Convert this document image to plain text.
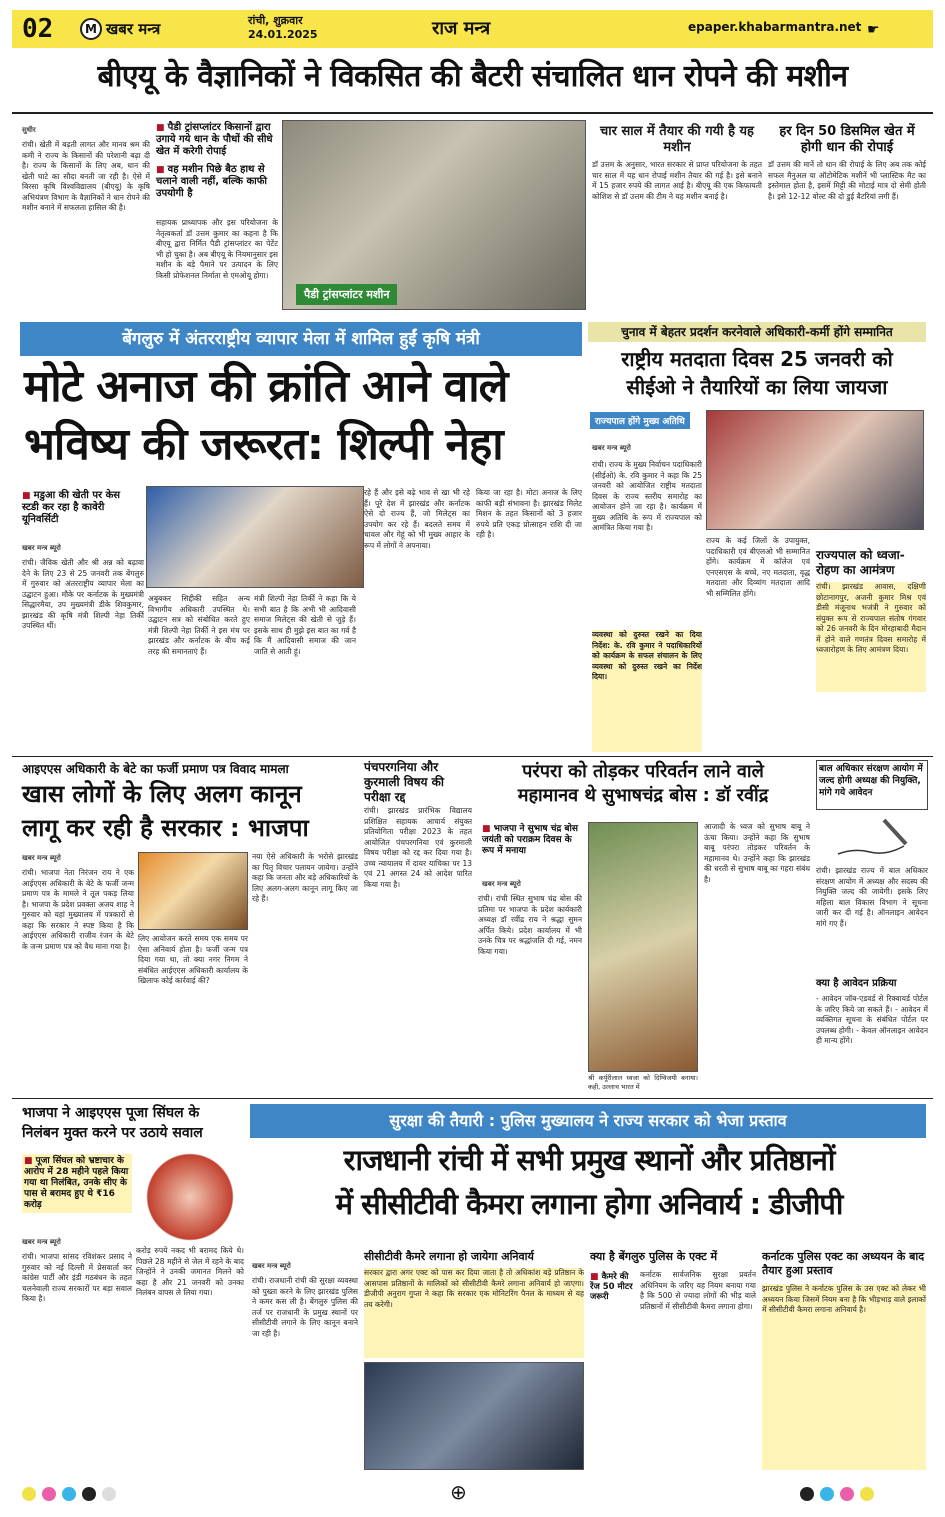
02	M खबर मन्त्र	रांची, शुक्रवार
24.01.2025	राज मन्त्र	epaper.khabarmantra.net ☛
बीएयू के वैज्ञानिकों ने विकसित की बैटरी संचालित धान रोपने की मशीन
सुधीर
रांची। खेती में बढ़ती लागत और मानव श्रम की कमी ने राज्य के किसानों की परेशानी बढ़ा दी है। राज्य के किसानों के लिए अब, धान की खेती घाटे का सौदा बनती जा रही है। ऐसे में बिरसा कृषि विश्वविद्यालय (बीएयू) के कृषि अभियंत्रण विभाग के वैज्ञानिकों ने धान रोपने की मशीन बनाने में सफलता हासिल की है।
■ पैडी ट्रांसप्लांटर किसानों द्वारा उगाये गये धान के पौधों की सीधे खेत में करेगी रोपाई
■ वह मशीन पिछे बैठ हाथ से चलाने वाली नहीं, बल्कि काफी उपयोगी है
सहायक प्राध्यापक और इस परियोजना के नेतृत्वकर्ता डॉ उत्तम कुमार का कहना है कि बीएयू द्वारा निर्मित पैडी ट्रांसप्लांटर का पेटेंट भी हो चुका है। अब बीएयू के नियमानुसार इस मशीन के बड़े पैमाने पर उत्पादन के लिए किसी प्रोफेशनल निर्माता से एमओयू होगा।
पैडी ट्रांसप्लांटर मशीन
चार साल में तैयार की गयी है यह मशीन
डॉ उत्तम के अनुसार, भारत सरकार से प्राप्त परियोजना के तहत चार साल में यह धान रोपाई मशीन तैयार की गई है। इसे बनाने में 15 हजार रुपये की लागत आई है। बीएयू की एक किफायती कोशिश से डॉ उत्तम की टीम ने यह मशीन बनाई है।
हर दिन 50 डिसमिल खेत में होगी धान की रोपाई
डॉ उत्तम की मानें तो धान की रोपाई के लिए अब तक कोई सफल मैनुअल या ऑटोमेटिक मशीनें भी प्लास्टिक मैट का इस्तेमाल होता है, इसमें मिट्टी की मोटाई मात्र दो सेमी होती है। इसे 12-12 वोल्ट की दो डुई बैटरियां लगी हैं।
बेंगलुरु में अंतरराष्ट्रीय व्यापार मेला में शामिल हुईं कृषि मंत्री
मोटे अनाज की क्रांति आने वाले
भविष्य की जरूरत: शिल्पी नेहा
■ मडुआ की खेती पर केस स्टडी कर रहा है कावेरी यूनिवर्सिटी
खबर मन्त्र ब्यूरो
रांची। जैविक खेती और श्री अन्न को बढ़ावा देने के लिए 23 से 25 जनवरी तक बेंगलुरु में गुरुवार को अंतरराष्ट्रीय व्यापार मेला का उद्घाटन हुआ। मौके पर कर्नाटक के मुख्यमंत्री सिद्धारमैया, उप मुख्यमंत्री डीके शिवकुमार, झारखंड की कृषि मंत्री शिल्पी नेहा तिर्की उपस्थित थीं।
अबुबकर सिद्दीकी सहित अन्य विभागीय अधिकारी उपस्थित थे। उद्घाटन सत्र को संबोधित करते हुए मंत्री शिल्पी नेहा तिर्की ने इस मंच पर झारखंड और कर्नाटक के बीच कई तरह की समानताएं हैं।
मंत्री शिल्पी नेहा तिर्की ने कहा कि ये सभी बात है कि अभी भी आदिवासी समाज मिलेट्स की खेती से जुड़े हैं। इसके साथ ही मुझे इस बात का गर्व है कि मैं आदिवासी समाज की जान जाति से आती हूं।
रहे हैं और इसे बढ़े भाव से खा भी रहे हैं। पूरे देश में झारखंड और कर्नाटक ऐसे दो राज्य हैं, जो मिलेट्स का उपयोग कर रहे हैं। बदलते समय में चावल और गेहूं को भी मुख्य आहार के रूप में लोगों ने अपनाया।
किया जा रहा है। मोटा अनाज के लिए काफी बड़ी संभावना है। झारखंड मिलेट मिशन के तहत किसानों को 3 हजार रुपये प्रति एकड़ प्रोत्साहन राशि दी जा रही है।
चुनाव में बेहतर प्रदर्शन करनेवाले अधिकारी-कर्मी होंगे सम्मानित
राष्ट्रीय मतदाता दिवस 25 जनवरी को
सीईओ ने तैयारियों का लिया जायजा
राज्यपाल होंगे मुख्य अतिथि
खबर मन्त्र ब्यूरो
रांची। राज्य के मुख्य निर्वाचन पदाधिकारी (सीईओ) के. रवि कुमार ने कहा कि 25 जनवरी को आयोजित राष्ट्रीय मतदाता दिवस के राज्य स्तरीय समारोह का आयोजन होने जा रहा है। कार्यक्रम में मुख्य अतिथि के रूप में राज्यपाल को आमंत्रित किया गया है।
राज्य के कई जिलों के उपायुक्त, पदाधिकारी एवं बीएलओ भी सम्मानित होंगे। कार्यक्रम में कॉलेज एवं एनएसएस के बच्चे, नए मतदाता, वृद्ध मतदाता और दिव्यांग मतदाता आदि भी सम्मिलित होंगे।
व्यवस्था को दुरुस्त रखने का दिया निर्देश: के. रवि कुमार ने पदाधिकारियों को कार्यक्रम के सफल संचालन के लिए व्यवस्था को दुरुस्त रखने का निर्देश दिया।
राज्यपाल को ध्वजा-रोहण का आमंत्रण
रांची। झारखंड आवास, दक्षिणी छोटानागपुर, अजनी कुमार मिश्र एवं डीसी मंजूनाथ भजंत्री ने गुरुवार को संयुक्त रूप से राज्यपाल संतोष गंगवार को 26 जनवरी के दिन मोरहाबादी मैदान में होने वाले गणतंत्र दिवस समारोह में ध्वजारोहण के लिए आमंत्रण दिया।
आइएएस अधिकारी के बेटे का फर्जी प्रमाण पत्र विवाद मामला
खास लोगों के लिए अलग कानून
लागू कर रही है सरकार : भाजपा
खबर मन्त्र ब्यूरो
रांची। भाजपा नेता निरंजन राय ने एक आईएएस अधिकारी के बेटे के फर्जी जन्म प्रमाण पत्र के मामले ने तूल पकड़ लिया है। भाजपा के प्रदेश प्रवक्ता अजय शाह ने गुरुवार को यहां मुख्यालय में पत्रकारों से कहा कि सरकार ने स्पष्ट किया है कि आईएएस अधिकारी राजीव रंजन के बेटे के जन्म प्रमाण पत्र को वैध माना गया है।
लिए आयोजन करते समय एक समय पर ऐसा अनिवार्य होता है। फर्जी जन्म पत्र दिया गया था, तो क्या नगर निगम ने संबंधित आईएएस अधिकारी कार्यालय के खिलाफ कोई कार्रवाई की?
नया ऐसे अधिकारी के भरोसे झारखंड का पितृ विचार पलायन जायेगा। उन्होंने कहा कि जनता और बड़े अधिकारियों के लिए अलग-अलग कानून लागू किए जा रहे हैं।
पंचपरगनिया और कुरमाली विषय की परीक्षा रद्द
रांची। झारखंड प्रारंभिक विद्यालय प्रशिक्षित सहायक आचार्य संयुक्त प्रतियोगिता परीक्षा 2023 के तहत आयोजित पंचपरगनिया एवं कुरमाली विषय परीक्षा को रद्द कर दिया गया है। उच्च न्यायालय में दायर याचिका पर 13 एवं 21 अगस्त 24 को आदेश पारित किया गया है।
परंपरा को तोड़कर परिवर्तन लाने वाले
महामानव थे सुभाषचंद्र बोस : डॉ रवींद्र
■ भाजपा ने सुभाष चंद्र बोस जयंती को पराक्रम दिवस के रूप में मनाया
खबर मन्त्र ब्यूरो
रांची। रांची स्थित सुभाष चंद्र बोस की प्रतिमा पर भाजपा के प्रदेश कार्यकारी अध्यक्ष डॉ रवींद्र राय ने श्रद्धा सुमन अर्पित किये। प्रदेश कार्यालय में भी उनके चित्र पर श्रद्धांजलि दी गई, नमन किया गया।
श्री कर्पूरीलाल ध्वजा को दिग्विजयी बनाया। कही, उल्लाच भारत में
आजादी के ध्वज को सुभाष बाबू ने ऊंचा किया। उन्होंने कहा कि सुभाष बाबू परंपरा तोड़कर परिवर्तन के महामानव थे। उन्होंने कहा कि झारखंड की धरती से सुभाष बाबू का गहरा संबंध है।
बाल अधिकार संरक्षण आयोग में जल्द होगी अध्यक्ष की नियुक्ति, मांगे गये आवेदन
रांची। झारखंड राज्य में बाल अधिकार संरक्षण आयोग में अध्यक्ष और सदस्य की नियुक्ति जल्द की जायेगी। इसके लिए महिला बाल विकास विभाग ने सूचना जारी कर दी गई है। ऑनलाइन आवेदन मांगे गए हैं।
क्या है आवेदन प्रक्रिया
- आवेदन जॉब-एडवर्ड से रिक्वायर्ड पोर्टल के जरिए किये जा सकते हैं। - आवेदन में व्यक्तिगत सूचना के संबंधित पोर्टल पर उपलब्ध होगी। - केवल ऑनलाइन आवेदन ही मान्य होंगे।
भाजपा ने आइएएस पूजा सिंघल के
निलंबन मुक्त करने पर उठाये सवाल
■ पूजा सिंघल को भ्रष्टाचार के आरोप में 28 महीने पहले किया गया था निलंबित, उनके सीए के पास से बरामद हुए थे ₹16 करोड़
खबर मन्त्र ब्यूरो
रांची। भाजपा सांसद रविशंकर प्रसाद ने गुरुवार को नई दिल्ली में प्रेसवार्ता कर कांग्रेस पार्टी और इंडी गठबंधन के तहत चलनेवाली राज्य सरकारों पर बड़ा सवाल किया है।
करोड़ रुपये नकद भी बरामद किये थे। पिछले 28 महीने से जेल में रहने के बाद जिन्होंने ने उनकी जमानत मिलने को कहा है और 21 जनवरी को उनका निलंबन वापस ले लिया गया।
सुरक्षा की तैयारी : पुलिस मुख्यालय ने राज्य सरकार को भेजा प्रस्ताव
राजधानी रांची में सभी प्रमुख स्थानों और प्रतिष्ठानों
में सीसीटीवी कैमरा लगाना होगा अनिवार्य : डीजीपी
खबर मन्त्र ब्यूरो
रांची। राजधानी रांची की सुरक्षा व्यवस्था को पुख्ता करने के लिए झारखंड पुलिस ने कमर कस ली है। बेंगलुरु पुलिस की तर्ज पर राजधानी के प्रमुख स्थानों पर सीसीटीवी लगाने के लिए कानून बनाने जा रही है।
सीसीटीवी कैमरे लगाना हो जायेगा अनिवार्य
सरकार द्वारा अगर एक्ट को पास कर दिया जाता है तो अधिकांश बड़े प्रतिष्ठान के आसपास प्रतिष्ठानों के मालिकों को सीसीटीवी कैमरे लगाना अनिवार्य हो जाएगा। डीजीपी अनुराग गुप्ता ने कहा कि सरकार एक मोनिटरिंग पैनल के माध्यम से यह तय करेगी।
क्या है बेंगलुरु पुलिस के एक्ट में
■ कैमरे की रेंज 50 मीटर जरूरी
कर्नाटक सार्वजनिक सुरक्षा प्रवर्तन अधिनियम के जरिए यह नियम बनाया गया है कि 500 से ज्यादा लोगों की भीड़ वाले प्रतिष्ठानों में सीसीटीवी कैमरा लगाना होगा।
कर्नाटक पुलिस एक्ट का अध्ययन के बाद तैयार हुआ प्रस्ताव
झारखंड पुलिस ने कर्नाटक पुलिस के उस एक्ट को लेकर भी अध्ययन किया जिसमें नियम बना है कि भीड़भाड़ वाले इलाकों में सीसीटीवी कैमरा लगाना अनिवार्य है।
⊕
